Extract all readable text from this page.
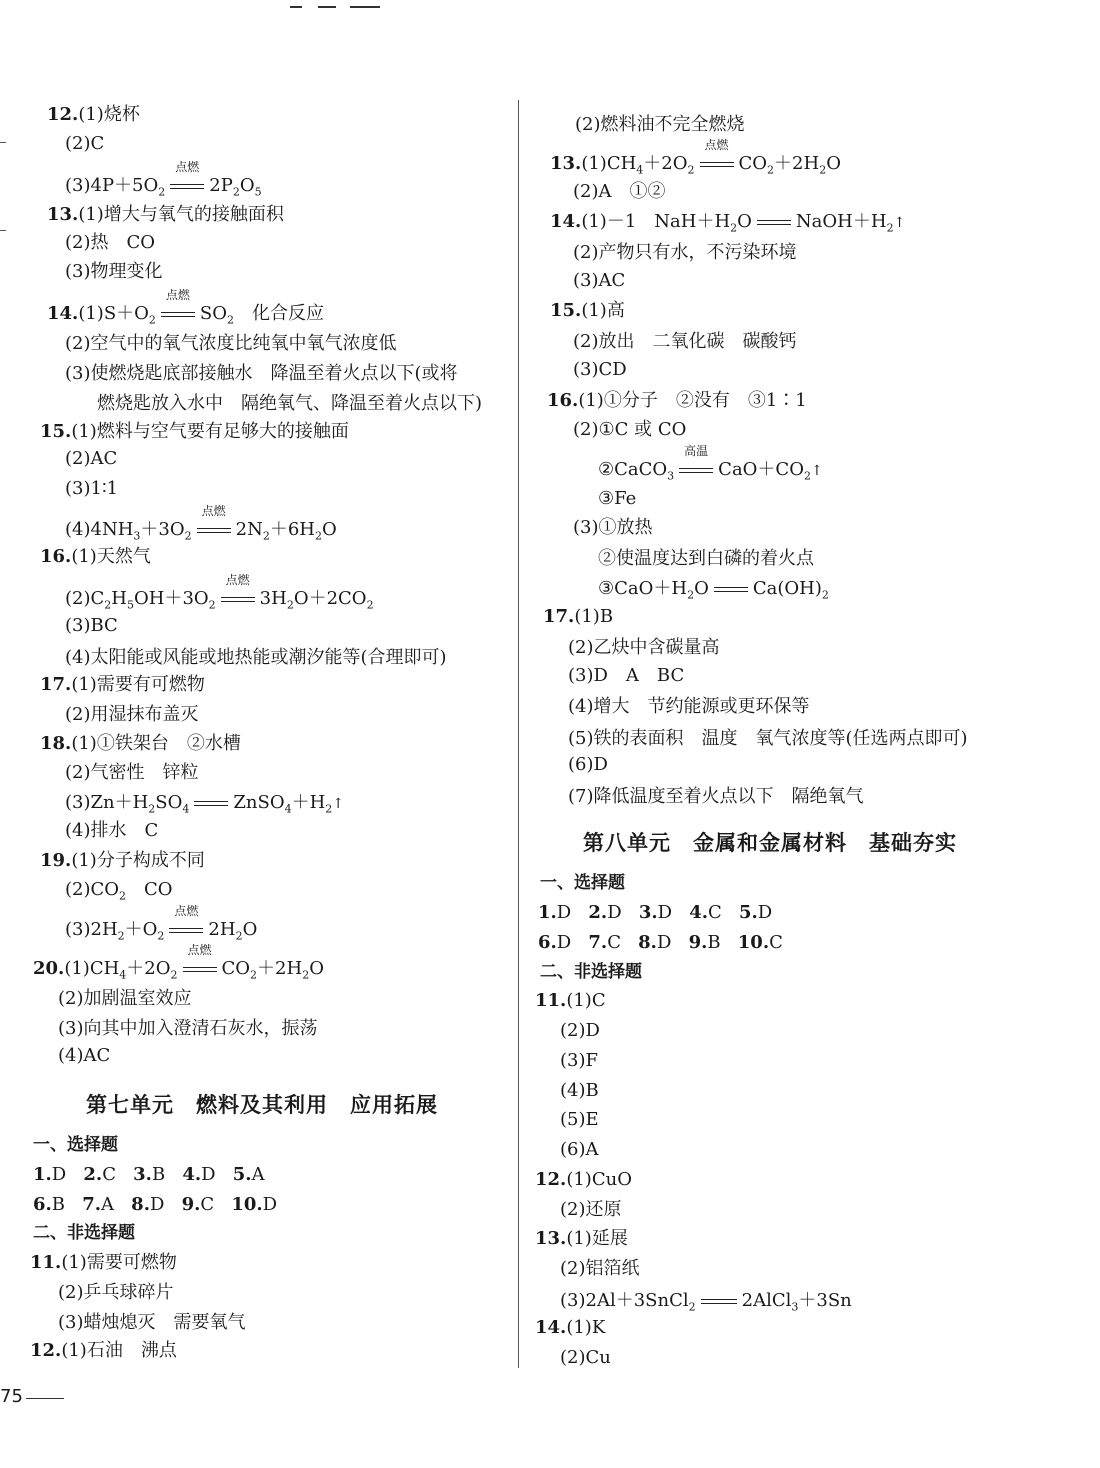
12.(1)烧杯
(2)C
$(3)4P+5O_2$
点燃
$2P_2O_5$
13.(1)增大与氧气的接触面积
(2)热　CO
(3)物理变化
$14.(1)S+O_2$
点燃
$SO_2$　化合反应
(2)空气中的氧气浓度比纯氧中氧气浓度低
(3)使燃烧匙底部接触水　降温至着火点以下(或将
燃烧匙放入水中　隔绝氧气、降温至着火点以下)
15.(1)燃料与空气要有足够大的接触面
(2)AC
(3)1∶1
$(4)4NH_3+3O_2$
点燃
$2N_2+6H_2O$
16.(1)天然气
$(2)C_2H_5OH+3O_2$
点燃
$3H_2O+2CO_2$
(3)BC
(4)太阳能或风能或地热能或潮汐能等(合理即可)
17.(1)需要有可燃物
(2)用湿抹布盖灭
18.(1)①铁架台　②水槽
(2)气密性　锌粒
$(3)Zn+H_2SO_4$ $ZnSO_4+H_2↑$
(4)排水　C
19.(1)分子构成不同
$(2)CO_2$　CO
$(3)2H_2+O_2$
点燃
$2H_2O$
$20.(1)CH_4+2O_2$
点燃
$CO_2+2H_2O$
(2)加剧温室效应
(3)向其中加入澄清石灰水，振荡
(4)AC
第七单元　燃料及其利用　应用拓展
一、选择题
1.D 2.C 3.B 4.D 5.A
6.B 7.A 8.D 9.C 10.D
二、非选择题
11.(1)需要可燃物
(2)乒乓球碎片
(3)蜡烛熄灭　需要氧气
12.(1)石油　沸点
(2)燃料油不完全燃烧
$13.(1)CH_4+2O_2$
点燃
$CO_2+2H_2O$
(2)A　①②
14.(1)－1　$NaH+H_2O$ $NaOH+H_2↑$
(2)产物只有水，不污染环境
(3)AC
15.(1)高
(2)放出　二氧化碳　碳酸钙
(3)CD
16.(1)①分子　②没有　③1∶1
(2)①C 或 CO
②CaCO$_3$
高温
$CaO+CO_2↑$
③Fe
(3)①放热
②使温度达到白磷的着火点
$③CaO+H_2O$ $Ca(OH)_2$
17.(1)B
(2)乙炔中含碳量高
(3)D　A　BC
(4)增大　节约能源或更环保等
(5)铁的表面积　温度　氧气浓度等(任选两点即可)
(6)D
(7)降低温度至着火点以下　隔绝氧气
第八单元　金属和金属材料　基础夯实
一、选择题
1.D 2.D 3.D 4.C 5.D
6.D 7.C 8.D 9.B 10.C
二、非选择题
11.(1)C
(2)D
(3)F
(4)B
(5)E
(6)A
12.(1)CuO
(2)还原
13.(1)延展
(2)铝箔纸
(3)2Al＋3SnCl$_2$	2AlCl$_3$＋3Sn
14.(1)K
(2)Cu
75
